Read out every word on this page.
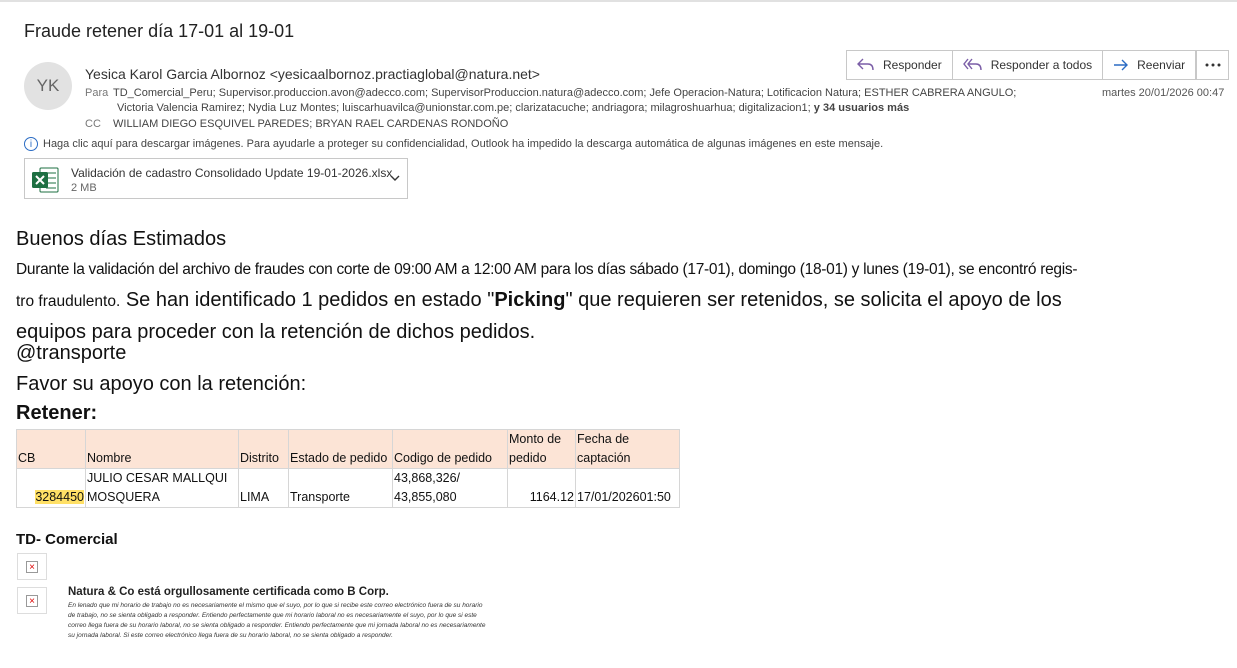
Fraude retener día 17-01 al 19-01
Responder	Responder a todos	Reenviar
YK
Yesica Karol Garcia Albornoz <yesicaalbornoz.practiaglobal@natura.net>
Para TD_Comercial_Peru; Supervisor.produccion.avon@adecco.com; SupervisorProduccion.natura@adecco.com; Jefe Operacion-Natura; Lotificacion Natura; ESTHER CABRERA ANGULO;
Victoria Valencia Ramirez; Nydia Luz Montes; luiscarhuavilca@unionstar.com.pe; clarizatacuche; andriagora; milagroshuarhua; digitalizacion1; y 34 usuarios más
CC WILLIAM DIEGO ESQUIVEL PAREDES; BRYAN RAEL CARDENAS RONDOÑO
martes 20/01/2026 00:47
i Haga clic aquí para descargar imágenes. Para ayudarle a proteger su confidencialidad, Outlook ha impedido la descarga automática de algunas imágenes en este mensaje.
Validación de cadastro Consolidado Update 19-01-2026.xlsx
2 MB
Buenos días Estimados
Durante la validación del archivo de fraudes con corte de 09:00 AM a 12:00 AM para los días sábado (17-01), domingo (18-01) y lunes (19-01), se encontró regis-
tro fraudulento. Se han identificado 1 pedidos en estado "Picking" que requieren ser retenidos, se solicita el apoyo de los
equipos para proceder con la retención de dichos pedidos.
@transporte
Favor su apoyo con la retención:
Retener:
CB	Nombre	Distrito	Estado de pedido	Codigo de pedido	Monto de pedido	Fecha de captación
3284450	JULIO CESAR MALLQUI MOSQUERA	LIMA	Transporte	43,868,326/ 43,855,080	1164.12	17/01/202601:50
TD- Comercial
×
×
Natura & Co está orgullosamente certificada como B Corp.
En lenado que mi horario de trabajo no es necesariamente el mismo que el suyo, por lo que si recibe este correo electrónico fuera de su horario de trabajo, no se sienta obligado a responder. Entiendo perfectamente que mi horario laboral no es necesariamente el suyo, por lo que si este correo llega fuera de su horario laboral, no se sienta obligado a responder. Entiendo perfectamente que mi jornada laboral no es necesariamente su jornada laboral. Si este correo electrónico llega fuera de su horario laboral, no se sienta obligado a responder.
